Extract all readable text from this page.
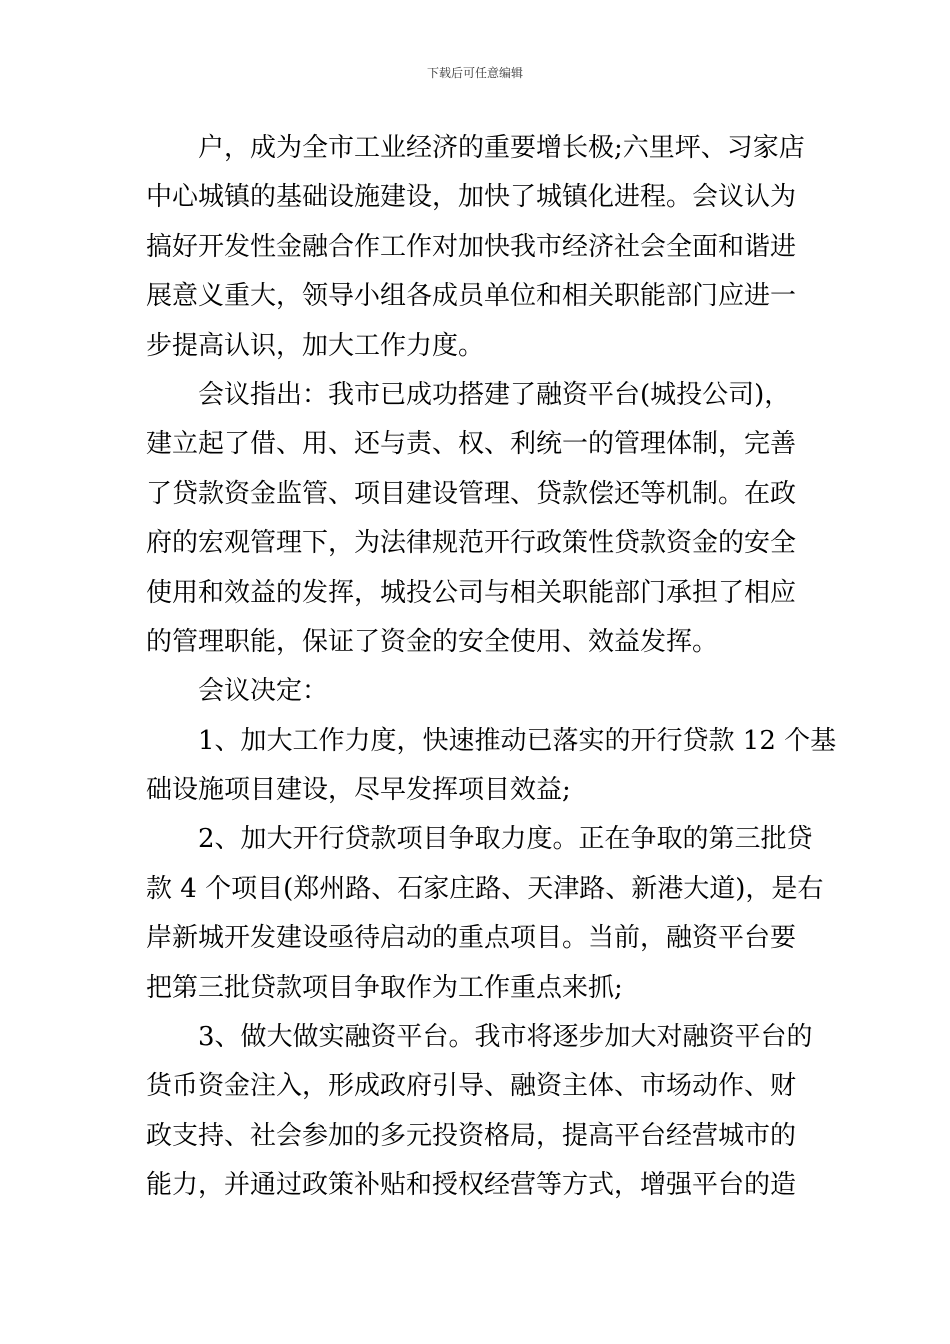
下载后可任意编辑
户，成为全市工业经济的重要增长极;六里坪、习家店
中心城镇的基础设施建设，加快了城镇化进程。会议认为
搞好开发性金融合作工作对加快我市经济社会全面和谐进
展意义重大，领导小组各成员单位和相关职能部门应进一
步提高认识，加大工作力度。
会议指出：我市已成功搭建了融资平台(城投公司)，
建立起了借、用、还与责、权、利统一的管理体制，完善
了贷款资金监管、项目建设管理、贷款偿还等机制。在政
府的宏观管理下，为法律规范开行政策性贷款资金的安全
使用和效益的发挥，城投公司与相关职能部门承担了相应
的管理职能，保证了资金的安全使用、效益发挥。
会议决定：
1、加大工作力度，快速推动已落实的开行贷款 12 个基
础设施项目建设，尽早发挥项目效益;
2、加大开行贷款项目争取力度。正在争取的第三批贷
款 4 个项目(郑州路、石家庄路、天津路、新港大道)，是右
岸新城开发建设亟待启动的重点项目。当前，融资平台要
把第三批贷款项目争取作为工作重点来抓;
3、做大做实融资平台。我市将逐步加大对融资平台的
货币资金注入，形成政府引导、融资主体、市场动作、财
政支持、社会参加的多元投资格局，提高平台经营城市的
能力，并通过政策补贴和授权经营等方式，增强平台的造
